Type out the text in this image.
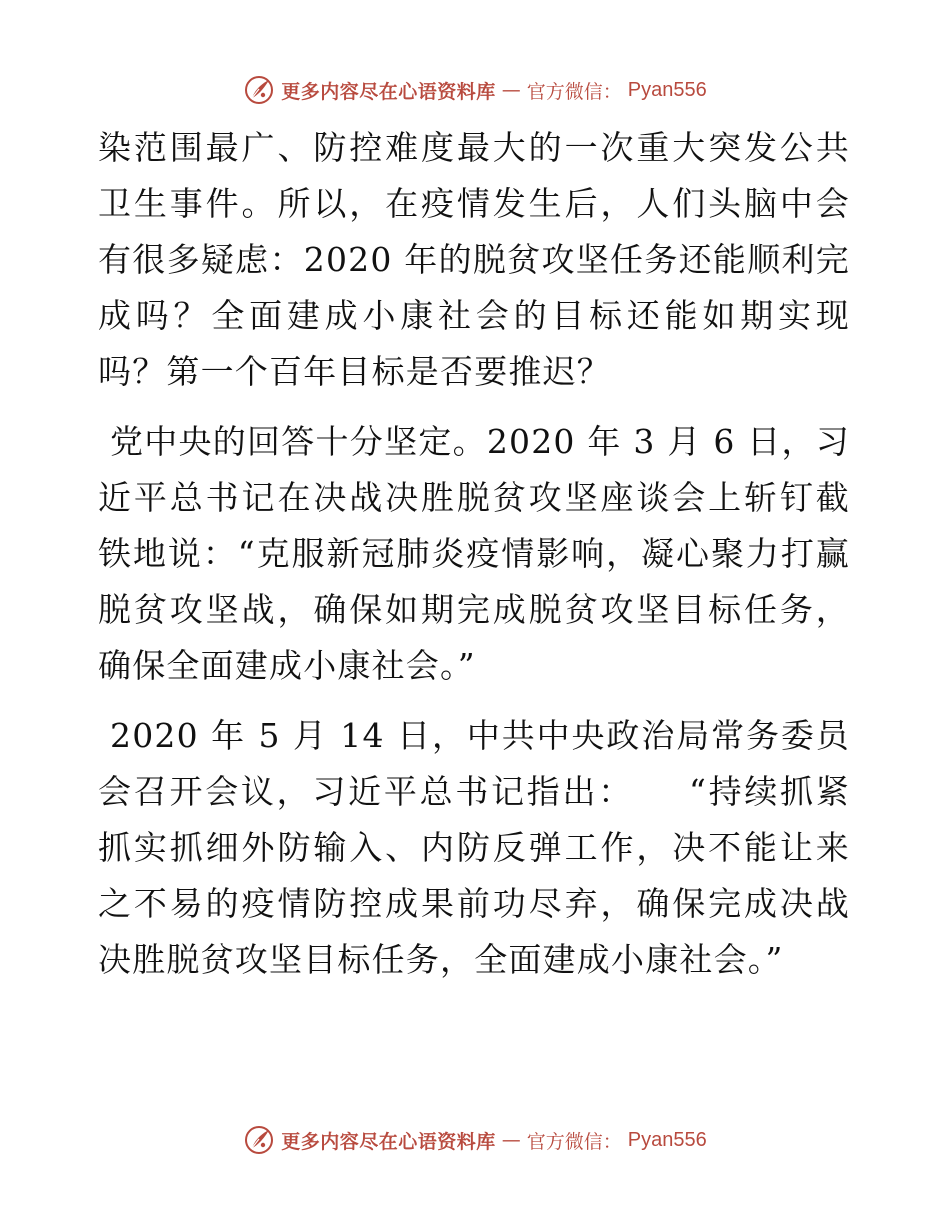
更多内容尽在心语资料库 — 官方微信： Pyan556

染范围最广、防控难度最大的一次重大突发公共卫生事件。所以，在疫情发生后，人们头脑中会有很多疑虑：2020 年的脱贫攻坚任务还能顺利完成吗？全面建成小康社会的目标还能如期实现吗？第一个百年目标是否要推迟？

党中央的回答十分坚定。2020 年 3 月 6 日，习近平总书记在决战决胜脱贫攻坚座谈会上斩钉截铁地说：“克服新冠肺炎疫情影响，凝心聚力打赢脱贫攻坚战，确保如期完成脱贫攻坚目标任务，确保全面建成小康社会。”

2020 年 5 月 14 日，中共中央政治局常务委员会召开会议，习近平总书记指出：　　“持续抓紧抓实抓细外防输入、内防反弹工作，决不能让来之不易的疫情防控成果前功尽弃，确保完成决战决胜脱贫攻坚目标任务，全面建成小康社会。”

更多内容尽在心语资料库 — 官方微信： Pyan556
